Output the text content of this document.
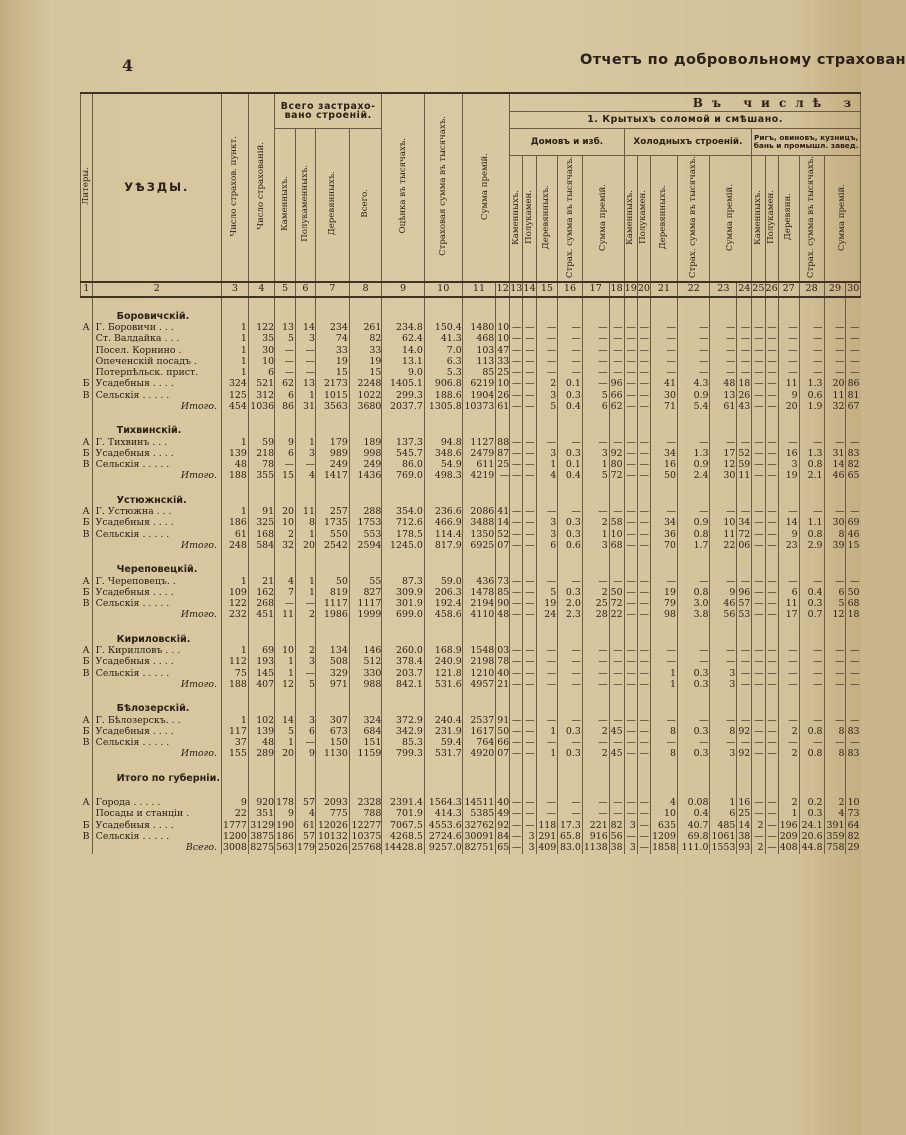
4	Отчетъ по добровольному страхован
Литеры.	УѢЗДЫ.	Число страхов. пункт.	Число страхованiй.	Всего застрахо-вано строенiй.				Оцѣнка въ тысячахъ.	Страховая сумма въ тысячахъ.	Сумма премiй.		Въ числѣ з																	
												1. Крытыхъ соломой и смѣшано.																	
				Каменныхъ.	Полукаменныхъ.	Деревянныхъ.	Всего.					Домовъ и изб.						Холодныхъ строенiй.						Ригъ, овиновъ, кузницъ, бань и промышл. завед.					
												Каменныхъ.	Полукамен.	Деревянныхъ.	Страх. сумма въ тысячахъ.	Сумма премiй.		Каменныхъ.	Полукамен.	Деревянныхъ.	Страх. сумма въ тысячахъ.	Сумма премiй.		Каменныхъ.	Полукамен.	Деревянн.	Страх. сумма въ тысячахъ.	Сумма премiй.	
1	2	3	4	5	6	7	8	9	10	11	12	13	14	15	16	17	18	19	20	21	22	23	24	25	26	27	28	29	30

	Боровичскiй.																												
А	Г. Боровичи . . .	1	122	13	14	234	261	234.8	150.4	1480	10	—	—	—	—	—	—	—	—	—	—	—	—	—	—	—	—	—	—
	Ст. Валдайка . . .	1	35	5	3	74	82	62.4	41.3	468	10	—	—	—	—	—	—	—	—	—	—	—	—	—	—	—	—	—	—
	Посел. Корнино .	1	30	—	—	33	33	14.0	7.0	103	47	—	—	—	—	—	—	—	—	—	—	—	—	—	—	—	—	—	—
	Опеченскiй посадъ .	1	10	—	—	19	19	13.1	6.3	113	33	—	—	—	—	—	—	—	—	—	—	—	—	—	—	—	—	—	—
	Потерпѣльск. прист.	1	6	—	—	15	15	9.0	5.3	85	25	—	—	—	—	—	—	—	—	—	—	—	—	—	—	—	—	—	—
Б	Усадебныя . . . .	324	521	62	13	2173	2248	1405.1	906.8	6219	10	—	—	2	0.1	—	96	—	—	41	4.3	48	18	—	—	11	1.3	20	86
В	Сельскiя . . . . .	125	312	6	1	1015	1022	299.3	188.6	1904	26	—	—	3	0.3	5	66	—	—	30	0.9	13	26	—	—	9	0.6	11	81
	Итого.	454	1036	86	31	3563	3680	2037.7	1305.8	10373	61	—	—	5	0.4	6	62	—	—	71	5.4	61	43	—	—	20	1.9	32	67

	Тихвинскiй.																												
А	Г. Тихвинъ . . .	1	59	9	1	179	189	137.3	94.8	1127	88	—	—	—	—	—	—	—	—	—	—	—	—	—	—	—	—	—	—
Б	Усадебныя . . . .	139	218	6	3	989	998	545.7	348.6	2479	87	—	—	3	0.3	3	92	—	—	34	1.3	17	52	—	—	16	1.3	31	83
В	Сельскiя . . . . .	48	78	—	—	249	249	86.0	54.9	611	25	—	—	1	0.1	1	80	—	—	16	0.9	12	59	—	—	3	0.8	14	82
	Итого.	188	355	15	4	1417	1436	769.0	498.3	4219	—	—	—	4	0.4	5	72	—	—	50	2.4	30	11	—	—	19	2.1	46	65

	Устюжнскiй.																												
А	Г. Устюжна . . .	1	91	20	11	257	288	354.0	236.6	2086	41	—	—	—	—	—	—	—	—	—	—	—	—	—	—	—	—	—	—
Б	Усадебныя . . . .	186	325	10	8	1735	1753	712.6	466.9	3488	14	—	—	3	0.3	2	58	—	—	34	0.9	10	34	—	—	14	1.1	30	69
В	Сельскiя . . . . .	61	168	2	1	550	553	178.5	114.4	1350	52	—	—	3	0.3	1	10	—	—	36	0.8	11	72	—	—	9	0.8	8	46
	Итого.	248	584	32	20	2542	2594	1245.0	817.9	6925	07	—	—	6	0.6	3	68	—	—	70	1.7	22	06	—	—	23	2.9	39	15

	Череповецкiй.																												
А	Г. Череповецъ. .	1	21	4	1	50	55	87.3	59.0	436	73	—	—	—	—	—	—	—	—	—	—	—	—	—	—	—	—	—	—
Б	Усадебныя . . . .	109	162	7	1	819	827	309.9	206.3	1478	85	—	—	5	0.3	2	50	—	—	19	0.8	9	96	—	—	6	0.4	6	50
В	Сельскiя . . . . .	122	268	—	—	1117	1117	301.9	192.4	2194	90	—	—	19	2.0	25	72	—	—	79	3.0	46	57	—	—	11	0.3	5	68
	Итого.	232	451	11	2	1986	1999	699.0	458.6	4110	48	—	—	24	2.3	28	22	—	—	98	3.8	56	53	—	—	17	0.7	12	18

	Кириловскiй.																												
А	Г. Кирилловъ . . .	1	69	10	2	134	146	260.0	168.9	1548	03	—	—	—	—	—	—	—	—	—	—	—	—	—	—	—	—	—	—
Б	Усадебныя . . . .	112	193	1	3	508	512	378.4	240.9	2198	78	—	—	—	—	—	—	—	—	—	—	—	—	—	—	—	—	—	—
В	Сельскiя . . . . .	75	145	1	—	329	330	203.7	121.8	1210	40	—	—	—	—	—	—	—	—	1	0.3	3	—	—	—	—	—	—	—
	Итого.	188	407	12	5	971	988	842.1	531.6	4957	21	—	—	—	—	—	—	—	—	1	0.3	3	—	—	—	—	—	—	—

	Бѣлозерскiй.																												
А	Г. Бѣлозерскъ. . .	1	102	14	3	307	324	372.9	240.4	2537	91	—	—	—	—	—	—	—	—	—	—	—	—	—	—	—	—	—	—
Б	Усадебныя . . . .	117	139	5	6	673	684	342.9	231.9	1617	50	—	—	1	0.3	2	45	—	—	8	0.3	8	92	—	—	2	0.8	8	83
В	Сельскiя . . . . .	37	48	1	—	150	151	85.3	59.4	764	66	—	—	—	—	—	—	—	—	—	—	—	—	—	—	—	—	—	—
	Итого.	155	289	20	9	1130	1159	799.3	531.7	4920	07	—	—	1	0.3	2	45	—	—	8	0.3	3	92	—	—	2	0.8	8	83

	Итого по губернiи.																												

А	Города . . . . .	9	920	178	57	2093	2328	2391.4	1564.3	14511	40	—	—	—	—	—	—	—	—	4	0.08	1	16	—	—	2	0.2	2	10
	Посады и станцiи .	22	351	9	4	775	788	701.9	414.3	5385	49	—	—	—	—	—	—	—	—	10	0.4	6	25	—	—	1	0.3	4	73
Б	Усадебныя . . . .	1777	3129	190	61	12026	12277	7067.5	4553.6	32762	92	—	—	118	17.3	221	82	3	—	635	40.7	485	14	2	—	196	24.1	391	64
В	Сельскiя . . . . .	1200	3875	186	57	10132	10375	4268.5	2724.6	30091	84	—	3	291	65.8	916	56	—	—	1209	69.8	1061	38	—	—	209	20.6	359	82
	Всего.	3008	8275	563	179	25026	25768	14428.8	9257.0	82751	65	—	3	409	83.0	1138	38	3	—	1858	111.0	1553	93	2	—	408	44.8	758	29
